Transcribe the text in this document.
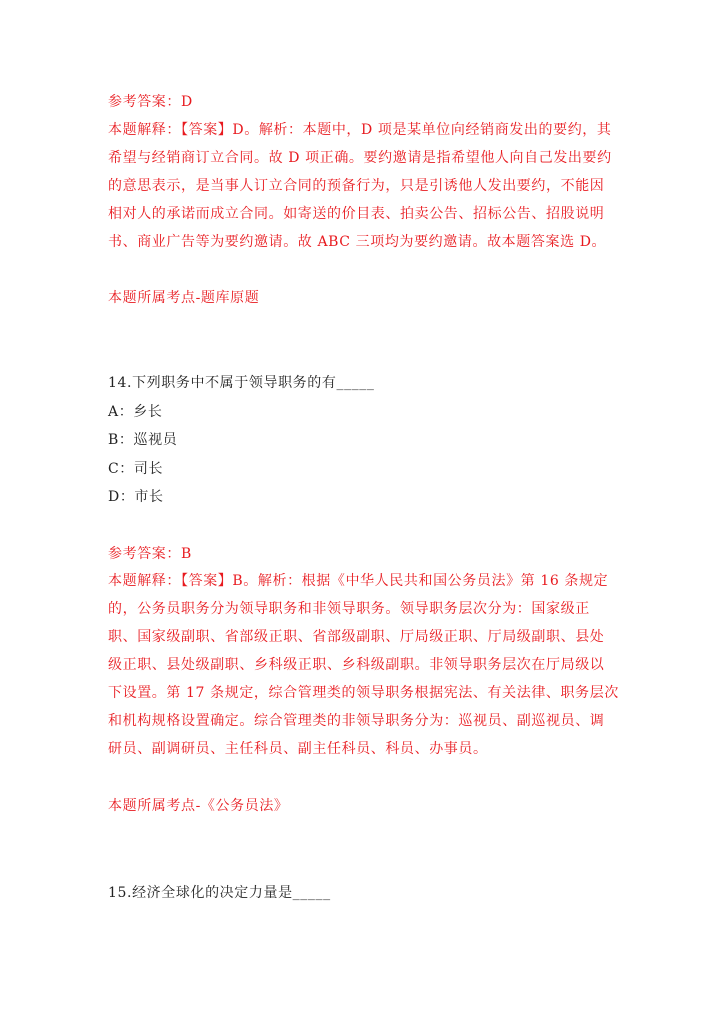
参考答案：D
本题解释：【答案】D。解析：本题中，D 项是某单位向经销商发出的要约，其
希望与经销商订立合同。故 D 项正确。要约邀请是指希望他人向自己发出要约
的意思表示，是当事人订立合同的预备行为，只是引诱他人发出要约，不能因
相对人的承诺而成立合同。如寄送的价目表、拍卖公告、招标公告、招股说明
书、商业广告等为要约邀请。故 ABC 三项均为要约邀请。故本题答案选 D。
本题所属考点-题库原题
14.下列职务中不属于领导职务的有_____
A：乡长
B：巡视员
C：司长
D：市长
参考答案：B
本题解释：【答案】B。解析：根据《中华人民共和国公务员法》第 16 条规定
的，公务员职务分为领导职务和非领导职务。领导职务层次分为：国家级正
职、国家级副职、省部级正职、省部级副职、厅局级正职、厅局级副职、县处
级正职、县处级副职、乡科级正职、乡科级副职。非领导职务层次在厅局级以
下设置。第 17 条规定，综合管理类的领导职务根据宪法、有关法律、职务层次
和机构规格设置确定。综合管理类的非领导职务分为：巡视员、副巡视员、调
研员、副调研员、主任科员、副主任科员、科员、办事员。
本题所属考点-《公务员法》
15.经济全球化的决定力量是_____
